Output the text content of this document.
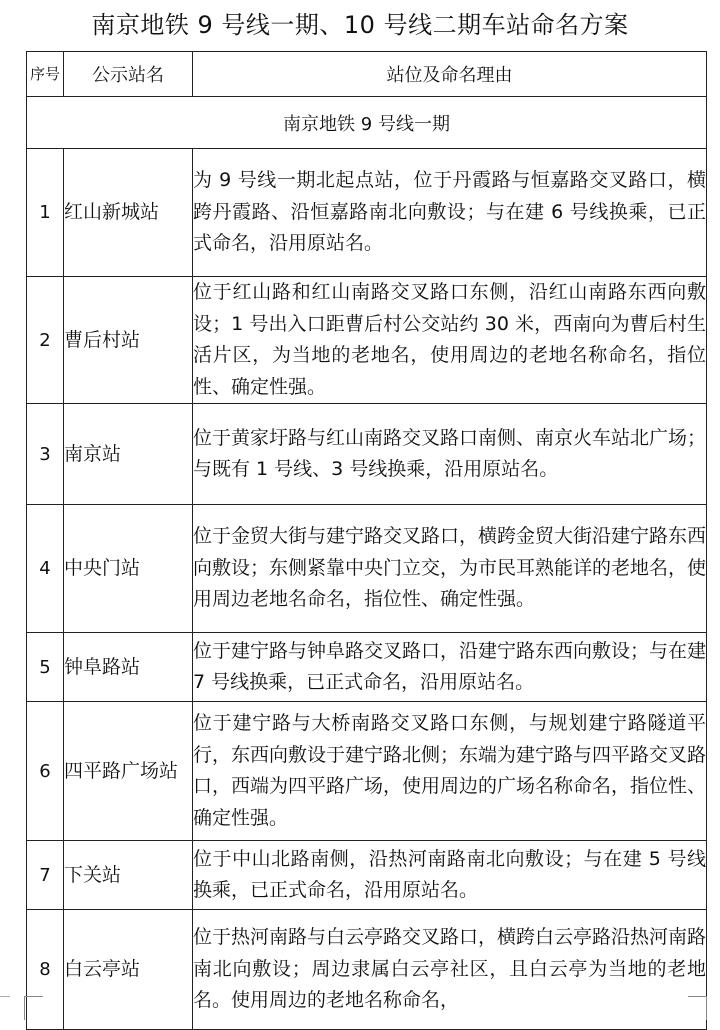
南京地铁 9 号线一期、10 号线二期车站命名方案
序号	公示站名	站位及命名理由
南京地铁 9 号线一期		
1	红山新城站	为 9 号线一期北起点站，位于丹霞路与恒嘉路交叉路口，横跨丹霞路、沿恒嘉路南北向敷设；与在建 6 号线换乘，已正式命名，沿用原站名。
2	曹后村站	位于红山路和红山南路交叉路口东侧，沿红山南路东西向敷设；1 号出入口距曹后村公交站约 30 米，西南向为曹后村生活片区，为当地的老地名，使用周边的老地名称命名，指位性、确定性强。
3	南京站	位于黄家圩路与红山南路交叉路口南侧、南京火车站北广场；与既有 1 号线、3 号线换乘，沿用原站名。
4	中央门站	位于金贸大街与建宁路交叉路口，横跨金贸大街沿建宁路东西向敷设；东侧紧靠中央门立交，为市民耳熟能详的老地名，使用周边老地名命名，指位性、确定性强。
5	钟阜路站	位于建宁路与钟阜路交叉路口，沿建宁路东西向敷设；与在建 7 号线换乘，已正式命名，沿用原站名。
6	四平路广场站	位于建宁路与大桥南路交叉路口东侧，与规划建宁路隧道平行，东西向敷设于建宁路北侧；东端为建宁路与四平路交叉路口，西端为四平路广场，使用周边的广场名称命名，指位性、确定性强。
7	下关站	位于中山北路南侧，沿热河南路南北向敷设；与在建 5 号线换乘，已正式命名，沿用原站名。
8	白云亭站	位于热河南路与白云亭路交叉路口，横跨白云亭路沿热河南路南北向敷设；周边隶属白云亭社区，且白云亭为当地的老地名。使用周边的老地名称命名，
